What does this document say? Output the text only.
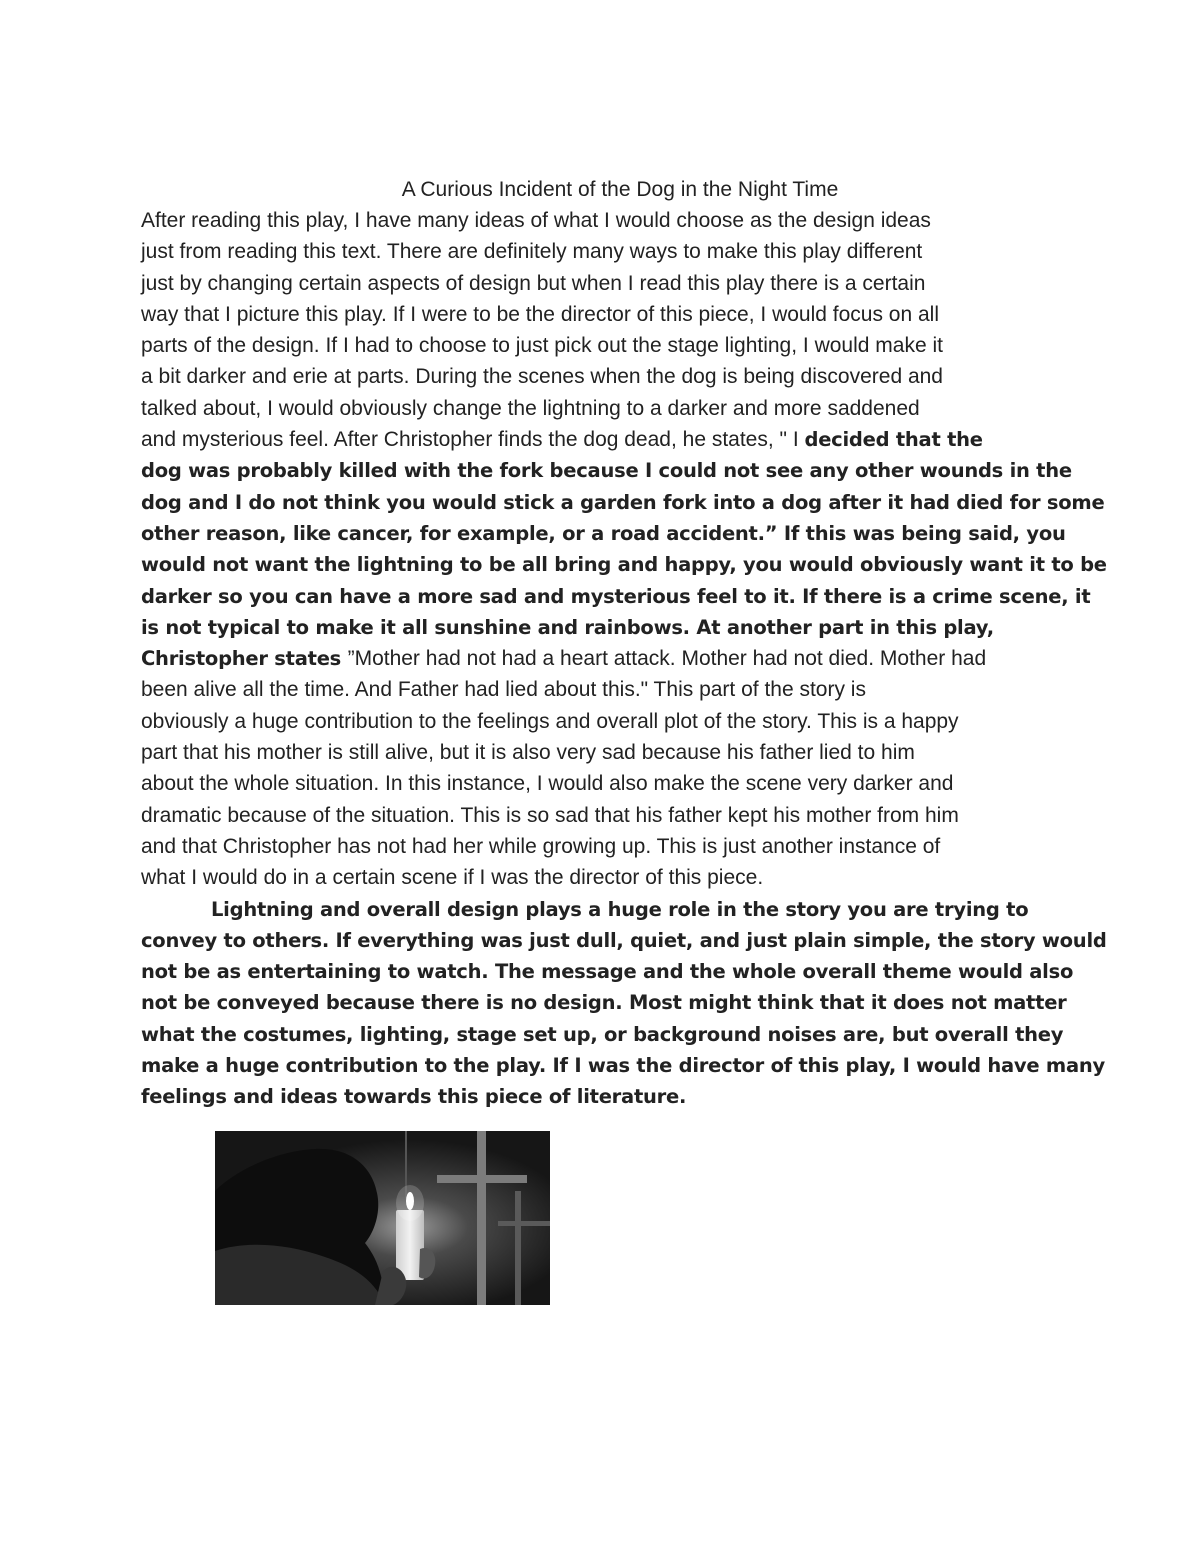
A Curious Incident of the Dog in the Night Time
After reading this play, I have many ideas of what I would choose as the design ideas
just from reading this text. There are definitely many ways to make this play different
just by changing certain aspects of design but when I read this play there is a certain
way that I picture this play. If I were to be the director of this piece, I would focus on all
parts of the design. If I had to choose to just pick out the stage lighting, I would make it
a bit darker and erie at parts. During the scenes when the dog is being discovered and
talked about, I would obviously change the lightning to a darker and more saddened
and mysterious feel. After Christopher finds the dog dead, he states, " I decided that the
dog was probably killed with the fork because I could not see any other wounds in the
dog and I do not think you would stick a garden fork into a dog after it had died for some
other reason, like cancer, for example, or a road accident.” If this was being said, you
would not want the lightning to be all bring and happy, you would obviously want it to be
darker so you can have a more sad and mysterious feel to it. If there is a crime scene, it
is not typical to make it all sunshine and rainbows. At another part in this play,
Christopher states ”Mother had not had a heart attack. Mother had not died. Mother had
been alive all the time. And Father had lied about this." This part of the story is
obviously a huge contribution to the feelings and overall plot of the story. This is a happy
part that his mother is still alive, but it is also very sad because his father lied to him
about the whole situation. In this instance, I would also make the scene very darker and
dramatic because of the situation. This is so sad that his father kept his mother from him
and that Christopher has not had her while growing up. This is just another instance of
what I would do in a certain scene if I was the director of this piece.
Lightning and overall design plays a huge role in the story you are trying to
convey to others. If everything was just dull, quiet, and just plain simple, the story would
not be as entertaining to watch. The message and the whole overall theme would also
not be conveyed because there is no design. Most might think that it does not matter
what the costumes, lighting, stage set up, or background noises are, but overall they
make a huge contribution to the play. If I was the director of this play, I would have many
feelings and ideas towards this piece of literature.
